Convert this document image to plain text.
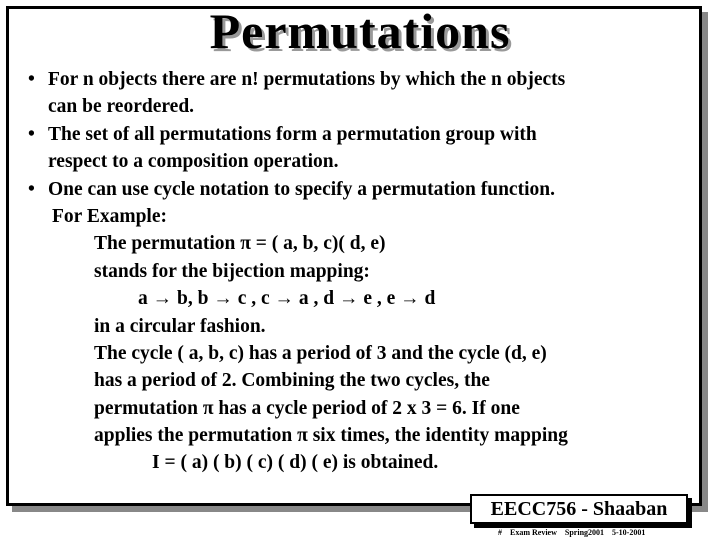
Permutations
• For n objects there are n! permutations by which the n objects
can be reordered.
• The set of all permutations form a permutation group with
respect to a composition operation.
• One can use cycle notation to specify a permutation function.
For Example:
The permutation π = ( a, b, c)( d, e)
stands for the bijection mapping:
a → b, b → c , c → a , d → e , e → d
in a circular fashion.
The cycle ( a, b, c) has a period of 3 and the cycle (d, e)
has a period of 2. Combining the two cycles, the
permutation π has a cycle period of 2 x 3 = 6. If one
applies the permutation π six times, the identity mapping
I = ( a) ( b) ( c) ( d) ( e) is obtained.
EECC756 - Shaaban
# Exam Review Spring2001 5-10-2001
